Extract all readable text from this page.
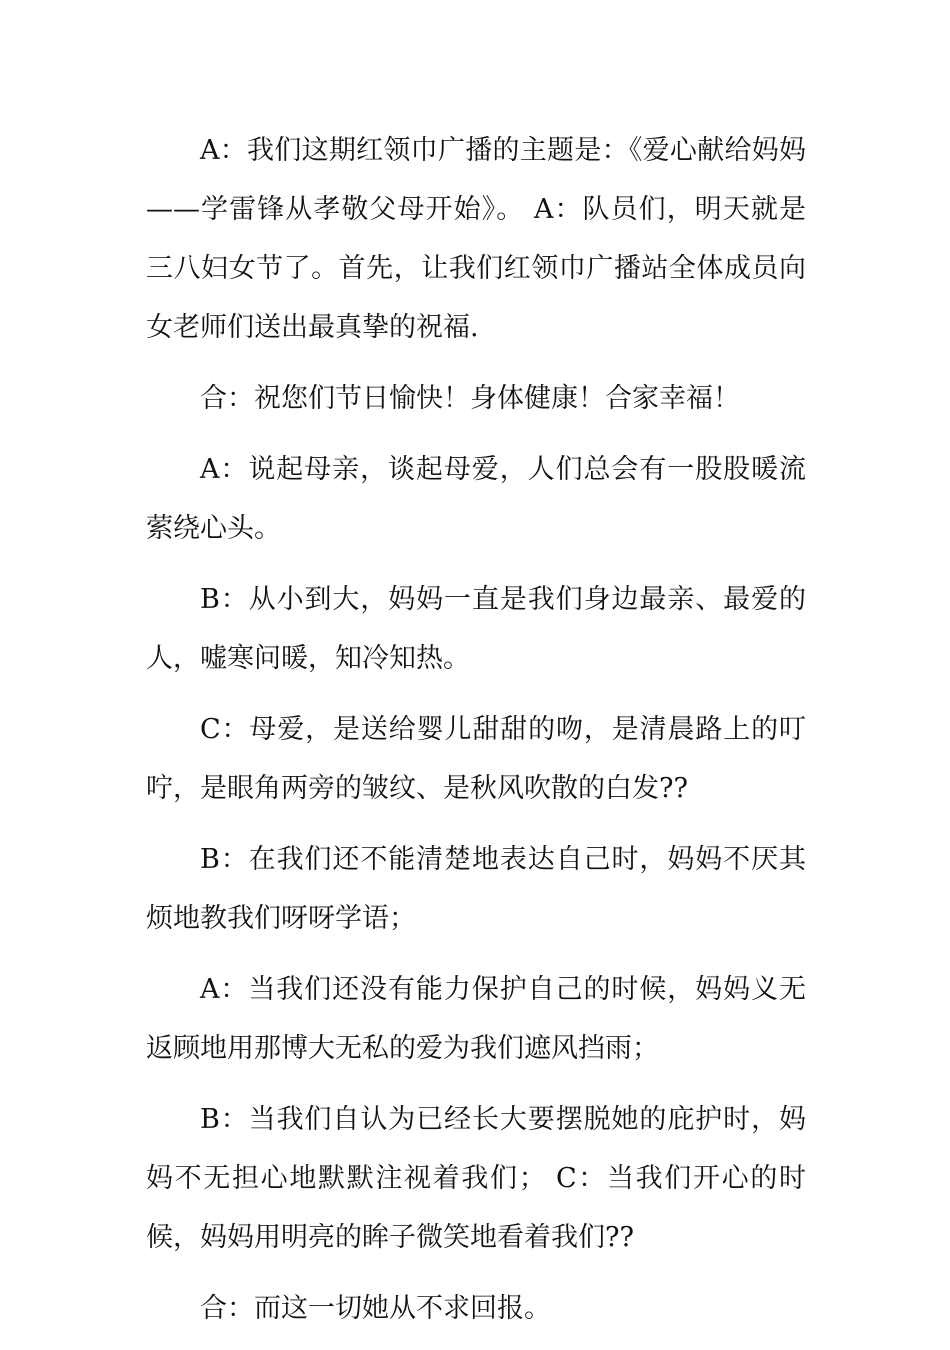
A：我们这期红领巾广播的主题是：《爱心献给妈妈——学雷锋从孝敬父母开始》。 A：队员们，明天就是三八妇女节了。首先，让我们红领巾广播站全体成员向女老师们送出最真挚的祝福.

合：祝您们节日愉快！身体健康！合家幸福！

A：说起母亲，谈起母爱，人们总会有一股股暖流萦绕心头。

B：从小到大，妈妈一直是我们身边最亲、最爱的人，嘘寒问暖，知冷知热。

C：母爱，是送给婴儿甜甜的吻，是清晨路上的叮咛，是眼角两旁的皱纹、是秋风吹散的白发??

B：在我们还不能清楚地表达自己时，妈妈不厌其烦地教我们呀呀学语；

A：当我们还没有能力保护自己的时候，妈妈义无返顾地用那博大无私的爱为我们遮风挡雨；

B：当我们自认为已经长大要摆脱她的庇护时，妈妈不无担心地默默注视着我们； C：当我们开心的时候，妈妈用明亮的眸子微笑地看着我们??

合：而这一切她从不求回报。
